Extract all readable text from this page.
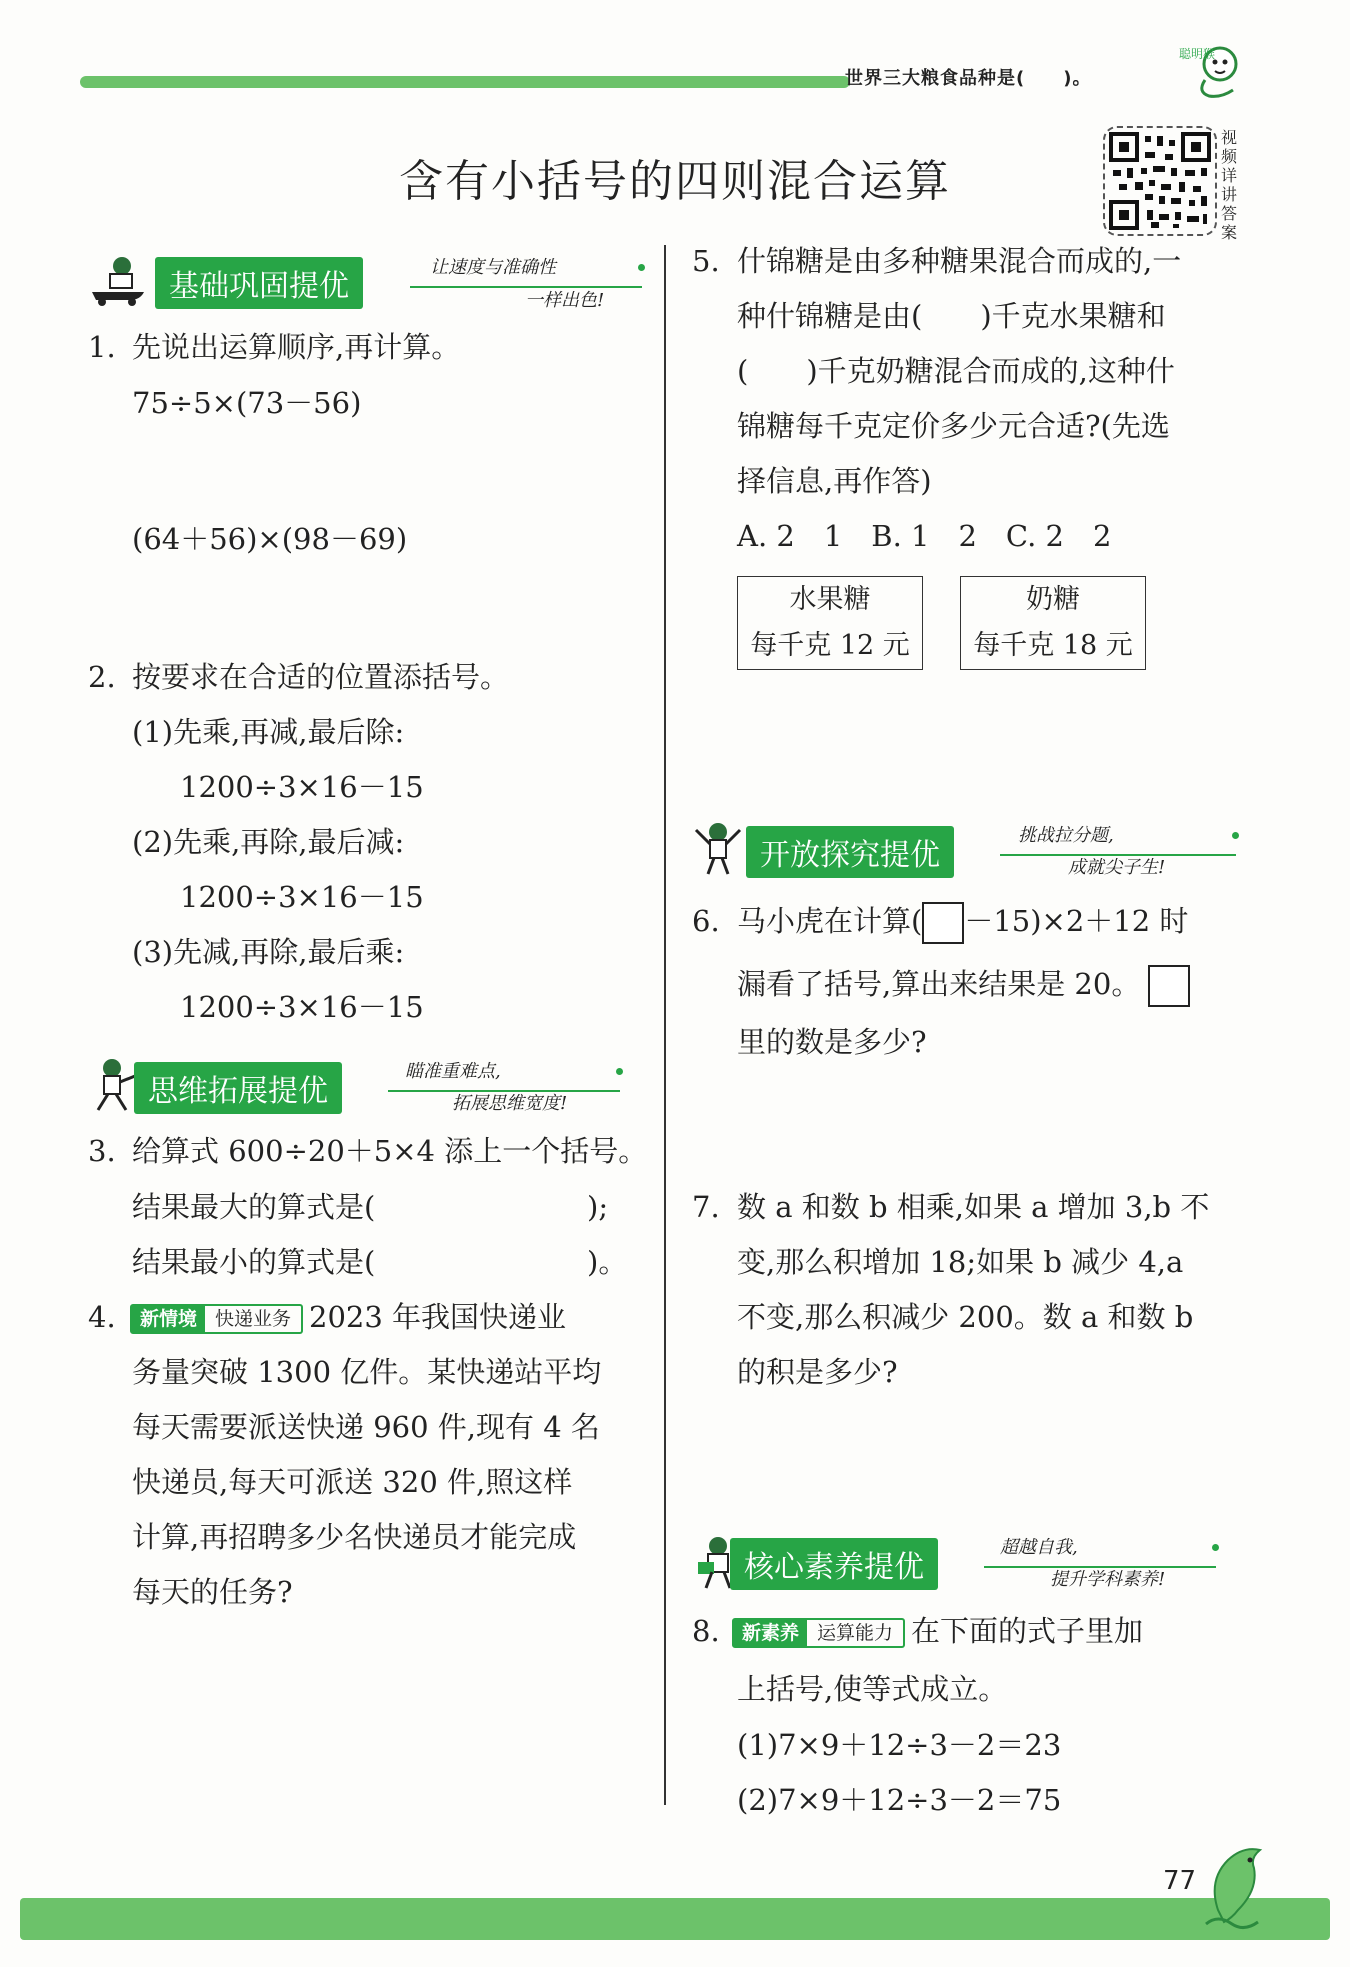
世界三大粮食品种是(　　)。
聪明猴
含有小括号的四则混合运算
视频详讲答案
基础巩固提优
让速度与准确性
一样出色!
1. 先说出运算顺序,再计算。
75÷5×(73－56)
(64＋56)×(98－69)
2. 按要求在合适的位置添括号。
(1)先乘,再减,最后除:
1200÷3×16－15
(2)先乘,再除,最后减:
1200÷3×16－15
(3)先减,再除,最后乘:
1200÷3×16－15
思维拓展提优
瞄准重难点,
拓展思维宽度!
3. 给算式 600÷20＋5×4 添上一个括号。
结果最大的算式是(	);
结果最小的算式是(	)。
4.	新情境 快递业务 2023 年我国快递业
务量突破 1300 亿件。某快递站平均
每天需要派送快递 960 件,现有 4 名
快递员,每天可派送 320 件,照这样
计算,再招聘多少名快递员才能完成
每天的任务?
5. 什锦糖是由多种糖果混合而成的,一
种什锦糖是由(　　)千克水果糖和
(　　)千克奶糖混合而成的,这种什
锦糖每千克定价多少元合适?(先选
择信息,再作答)
A. 2　1　B. 1　2　C. 2　2
水果糖
每千克 12 元
奶糖
每千克 18 元
开放探究提优
挑战拉分题,
成就尖子生!
6. 马小虎在计算( －15)×2＋12 时
漏看了括号,算出来结果是 20。
里的数是多少?
7. 数 a 和数 b 相乘,如果 a 增加 3,b 不
变,那么积增加 18;如果 b 减少 4,a
不变,那么积减少 200。数 a 和数 b
的积是多少?
核心素养提优
超越自我,
提升学科素养!
8.	新素养 运算能力 在下面的式子里加
上括号,使等式成立。
(1)7×9＋12÷3－2＝23
(2)7×9＋12÷3－2＝75
77
